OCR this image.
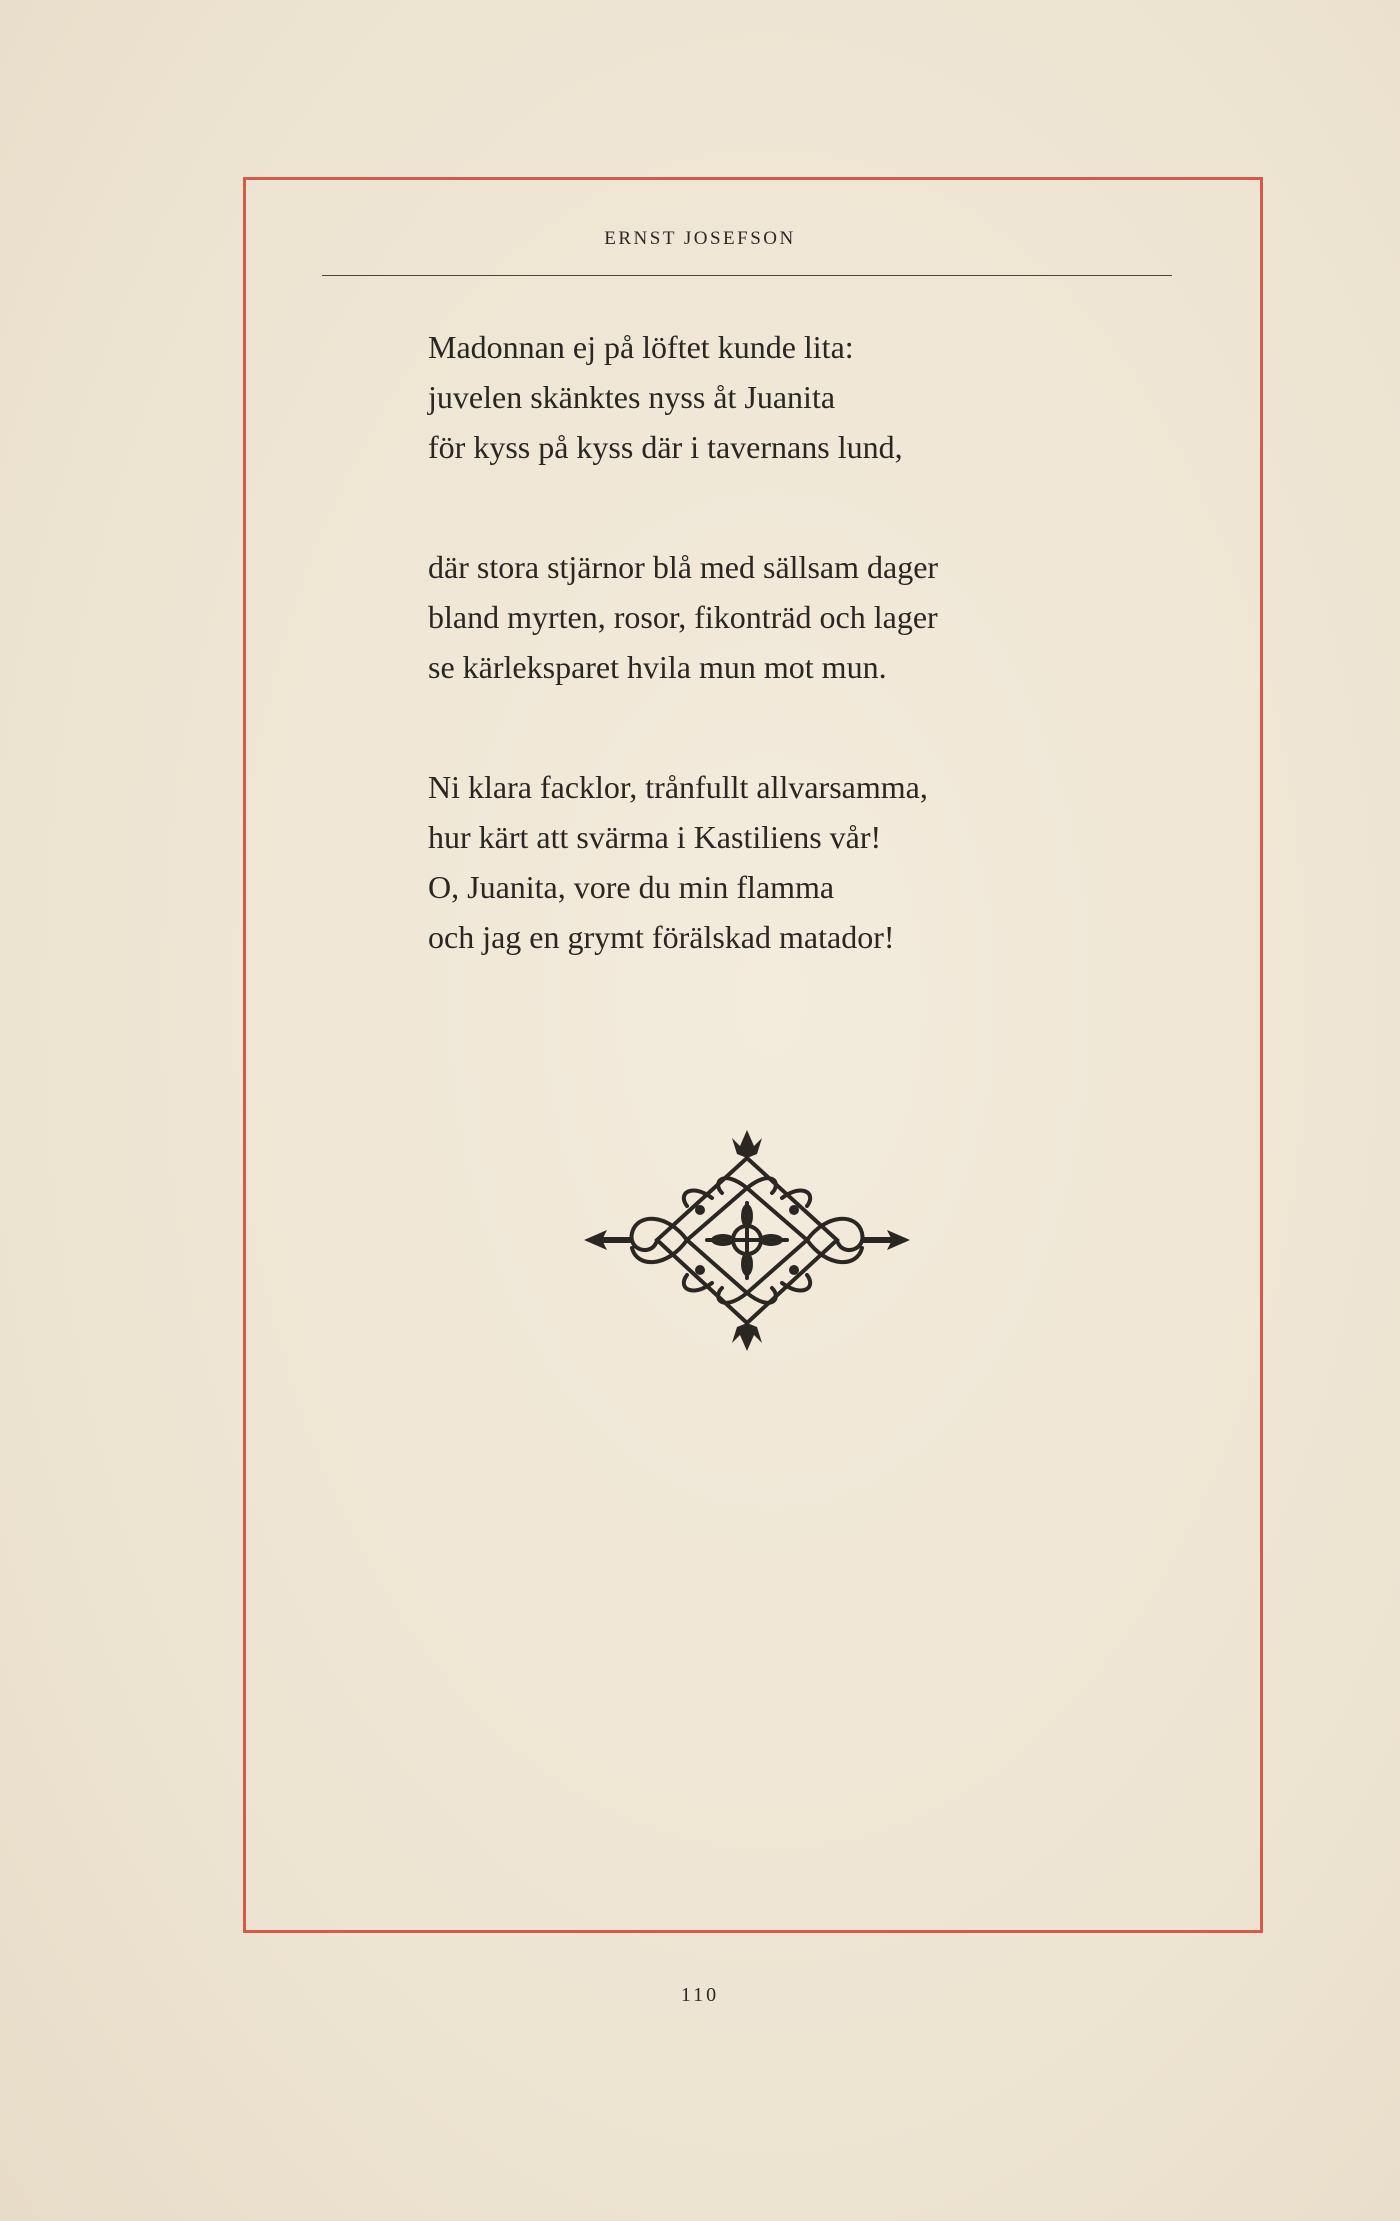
ERNST JOSEFSON
Madonnan ej på löftet kunde lita:
juvelen skänktes nyss åt Juanita
för kyss på kyss där i tavernans lund,
där stora stjärnor blå med sällsam dager
bland myrten, rosor, fikonträd och lager
se kärleksparet hvila mun mot mun.
Ni klara facklor, trånfullt allvarsamma,
hur kärt att svärma i Kastiliens vår!
O, Juanita, vore du min flamma
och jag en grymt förälskad matador!
110
